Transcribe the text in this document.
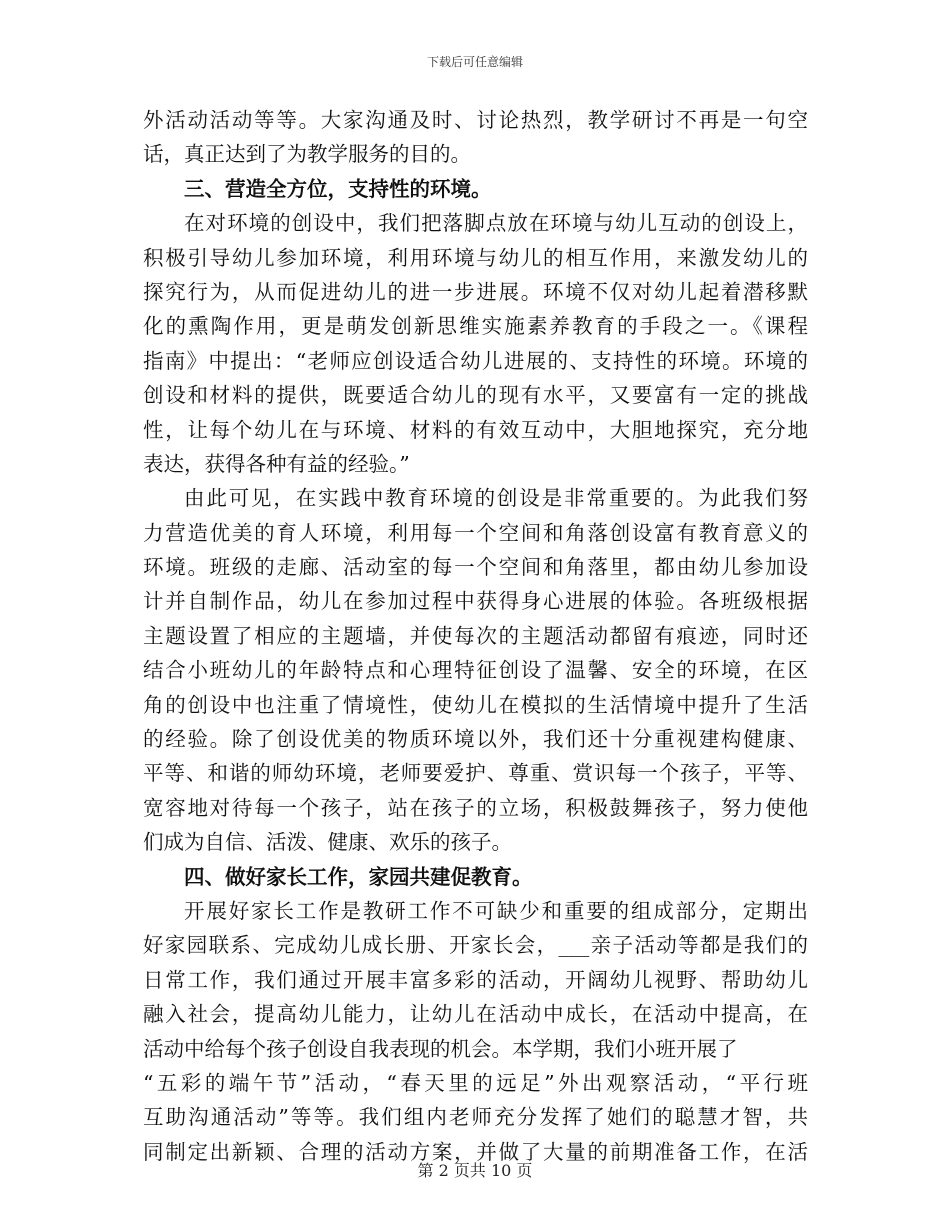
下载后可任意编辑
外活动活动等等。大家沟通及时、讨论热烈，教学研讨不再是一句空
话，真正达到了为教学服务的目的。
三、营造全方位，支持性的环境。
在对环境的创设中，我们把落脚点放在环境与幼儿互动的创设上，
积极引导幼儿参加环境，利用环境与幼儿的相互作用，来激发幼儿的
探究行为，从而促进幼儿的进一步进展。环境不仅对幼儿起着潜移默
化的熏陶作用，更是萌发创新思维实施素养教育的手段之一。《课程
指南》中提出：“老师应创设适合幼儿进展的、支持性的环境。环境的
创设和材料的提供，既要适合幼儿的现有水平，又要富有一定的挑战
性，让每个幼儿在与环境、材料的有效互动中，大胆地探究，充分地
表达，获得各种有益的经验。”
由此可见，在实践中教育环境的创设是非常重要的。为此我们努
力营造优美的育人环境，利用每一个空间和角落创设富有教育意义的
环境。班级的走廊、活动室的每一个空间和角落里，都由幼儿参加设
计并自制作品，幼儿在参加过程中获得身心进展的体验。各班级根据
主题设置了相应的主题墙，并使每次的主题活动都留有痕迹，同时还
结合小班幼儿的年龄特点和心理特征创设了温馨、安全的环境，在区
角的创设中也注重了情境性，使幼儿在模拟的生活情境中提升了生活
的经验。除了创设优美的物质环境以外，我们还十分重视建构健康、
平等、和谐的师幼环境，老师要爱护、尊重、赏识每一个孩子，平等、
宽容地对待每一个孩子，站在孩子的立场，积极鼓舞孩子，努力使他
们成为自信、活泼、健康、欢乐的孩子。
四、做好家长工作，家园共建促教育。
开展好家长工作是教研工作不可缺少和重要的组成部分，定期出
好家园联系、完成幼儿成长册、开家长会，___亲子活动等都是我们的
日常工作，我们通过开展丰富多彩的活动，开阔幼儿视野、帮助幼儿
融入社会，提高幼儿能力，让幼儿在活动中成长，在活动中提高，在
活动中给每个孩子创设自我表现的机会。本学期，我们小班开展了
“五彩的端午节”活动，“春天里的远足”外出观察活动，“平行班
互助沟通活动”等等。我们组内老师充分发挥了她们的聪慧才智，共
同制定出新颖、合理的活动方案，并做了大量的前期准备工作，在活
第 2 页共 10 页
